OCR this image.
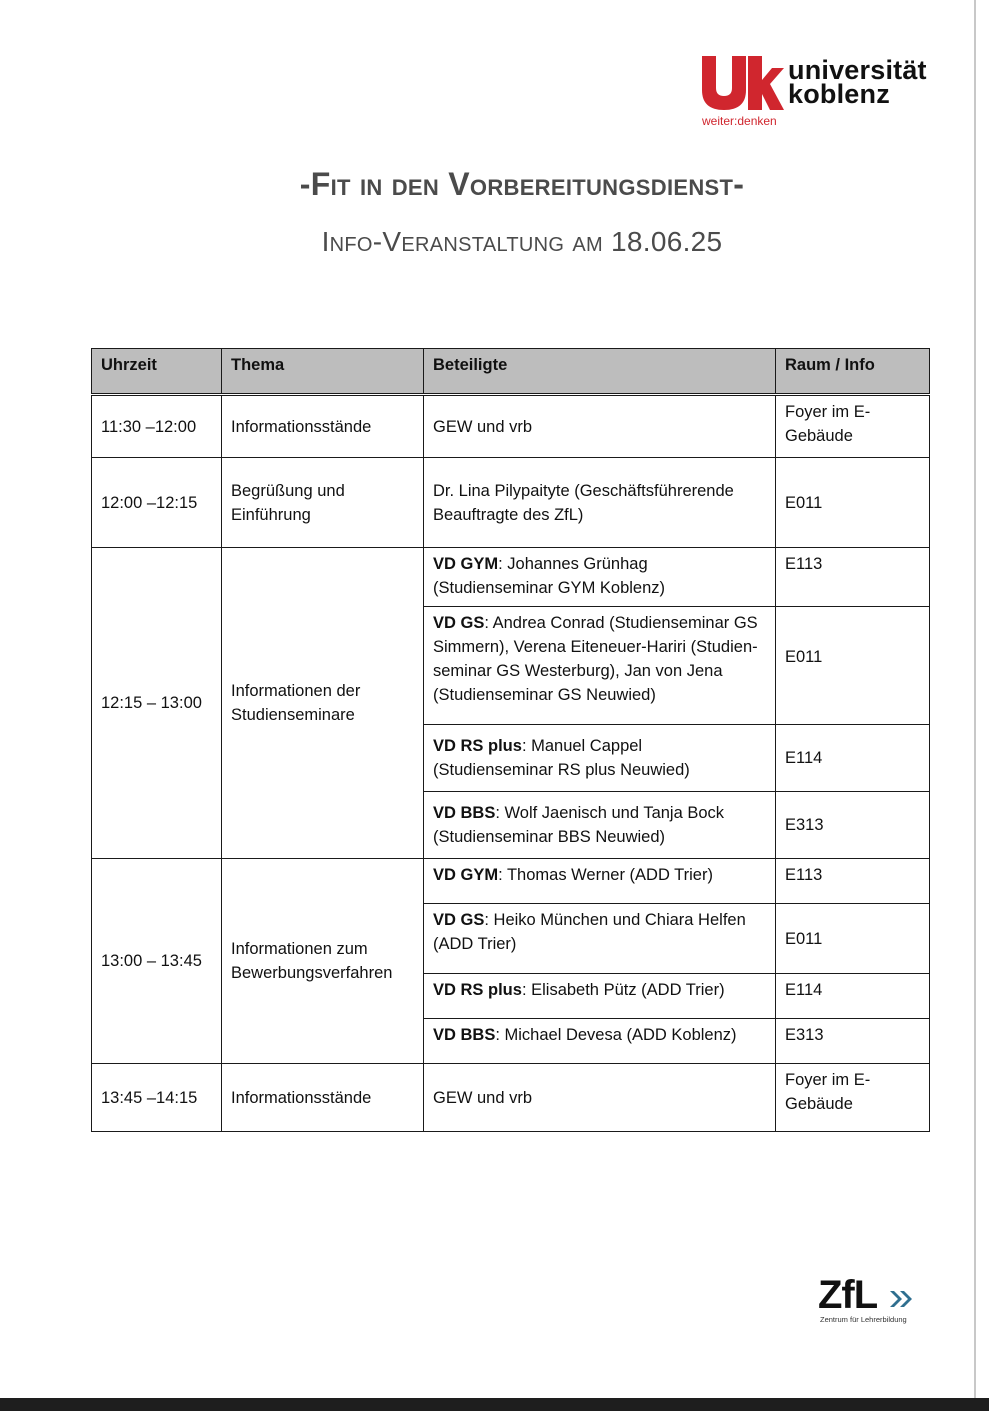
universität
koblenz
weiter:denken
-Fit in den Vorbereitungsdienst-
Info-Veranstaltung am 18.06.25
Uhrzeit	Thema	Beteiligte	Raum / Info

11:30 –12:00	Informationsstände	GEW und vrb	Foyer im E-Gebäude
12:00 –12:15	Begrüßung und Einführung	Dr. Lina Pilypaityte (Geschäftsführerende Beauftragte des ZfL)	E011
12:15 – 13:00	Informationen der Studienseminare	VD GYM: Johannes Grünhag (Studienseminar GYM Koblenz)	E113
		VD GS: Andrea Conrad (Studienseminar GS Simmern), Verena Eiteneuer-Hariri (Studien-seminar GS Westerburg), Jan von Jena (Studienseminar GS Neuwied)	E011
		VD RS plus: Manuel Cappel (Studienseminar RS plus Neuwied)	E114
		VD BBS: Wolf Jaenisch und Tanja Bock (Studienseminar BBS Neuwied)	E313
13:00 – 13:45	Informationen zum Bewerbungsverfahren	VD GYM: Thomas Werner (ADD Trier)	E113
		VD GS: Heiko München und Chiara Helfen (ADD Trier)	E011
		VD RS plus: Elisabeth Pütz (ADD Trier)	E114
		VD BBS: Michael Devesa (ADD Koblenz)	E313
13:45 –14:15	Informationsstände	GEW und vrb	Foyer im E-Gebäude
ZfL
Zentrum für Lehrerbildung
